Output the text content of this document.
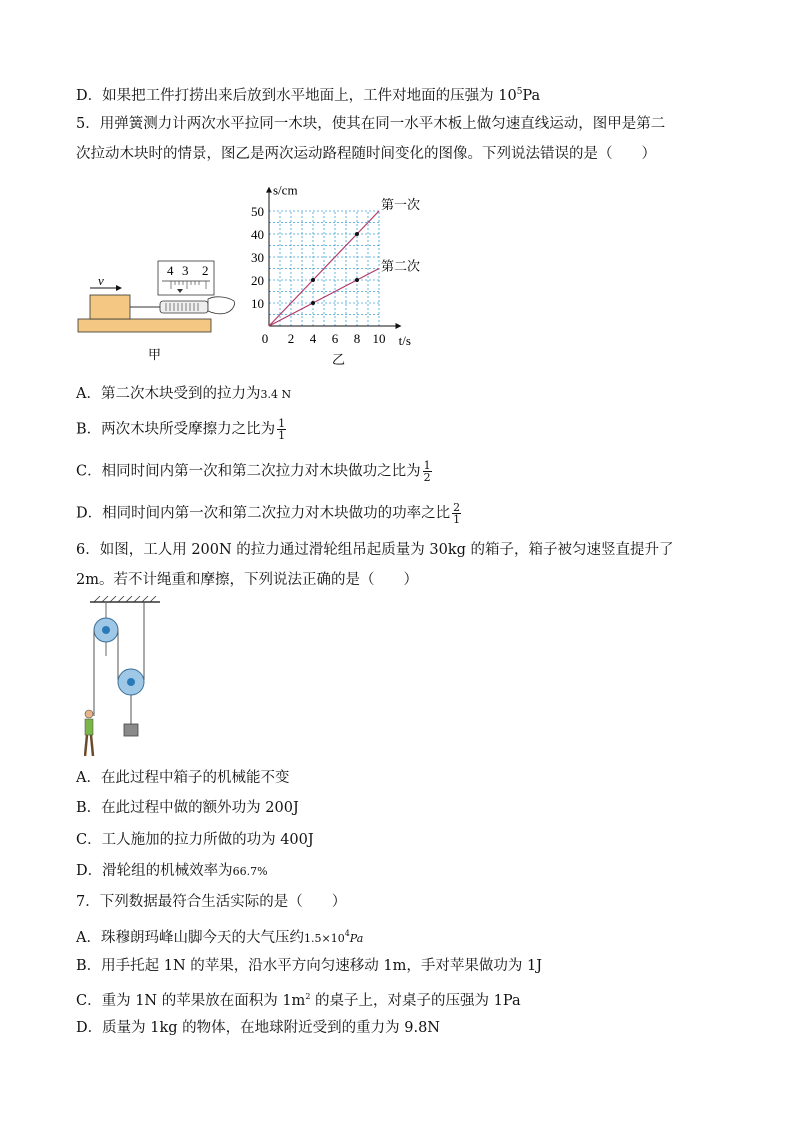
D．如果把工件打捞出来后放到水平地面上，工件对地面的压强为 $10^5Pa$
5．用弹簧测力计两次水平拉同一木块，使其在同一水平木板上做匀速直线运动，图甲是第二
次拉动木块时的情景，图乙是两次运动路程随时间变化的图像。下列说法错误的是（　　）
v
4 3 2
甲
0 2 4 6 8 10
10
20
30
40
50
s/cm
t/s
第一次
第二次
乙
A．第二次木块受到的拉力为3.4 N
B．两次木块所受摩擦力之比为 $\frac{1}{1}$
C．相同时间内第一次和第二次拉力对木块做功之比为 $\frac{1}{2}$
D．相同时间内第一次和第二次拉力对木块做功的功率之比 $\frac{2}{1}$
6．如图，工人用 200N 的拉力通过滑轮组吊起质量为 30kg 的箱子，箱子被匀速竖直提升了
2m。若不计绳重和摩擦，下列说法正确的是（　　）
A．在此过程中箱子的机械能不变
B．在此过程中做的额外功为 200J
C．工人施加的拉力所做的功为 400J
D．滑轮组的机械效率为66.7%
7．下列数据最符合生活实际的是（　　）
A．珠穆朗玛峰山脚今天的大气压约$1.5\times 10^4Pa$
B．用手托起 1N 的苹果，沿水平方向匀速移动 1m，手对苹果做功为 1J
C．重为 1N 的苹果放在面积为 $1m^2$ 的桌子上，对桌子的压强为 1Pa
D．质量为 1kg 的物体，在地球附近受到的重力为 9.8N
